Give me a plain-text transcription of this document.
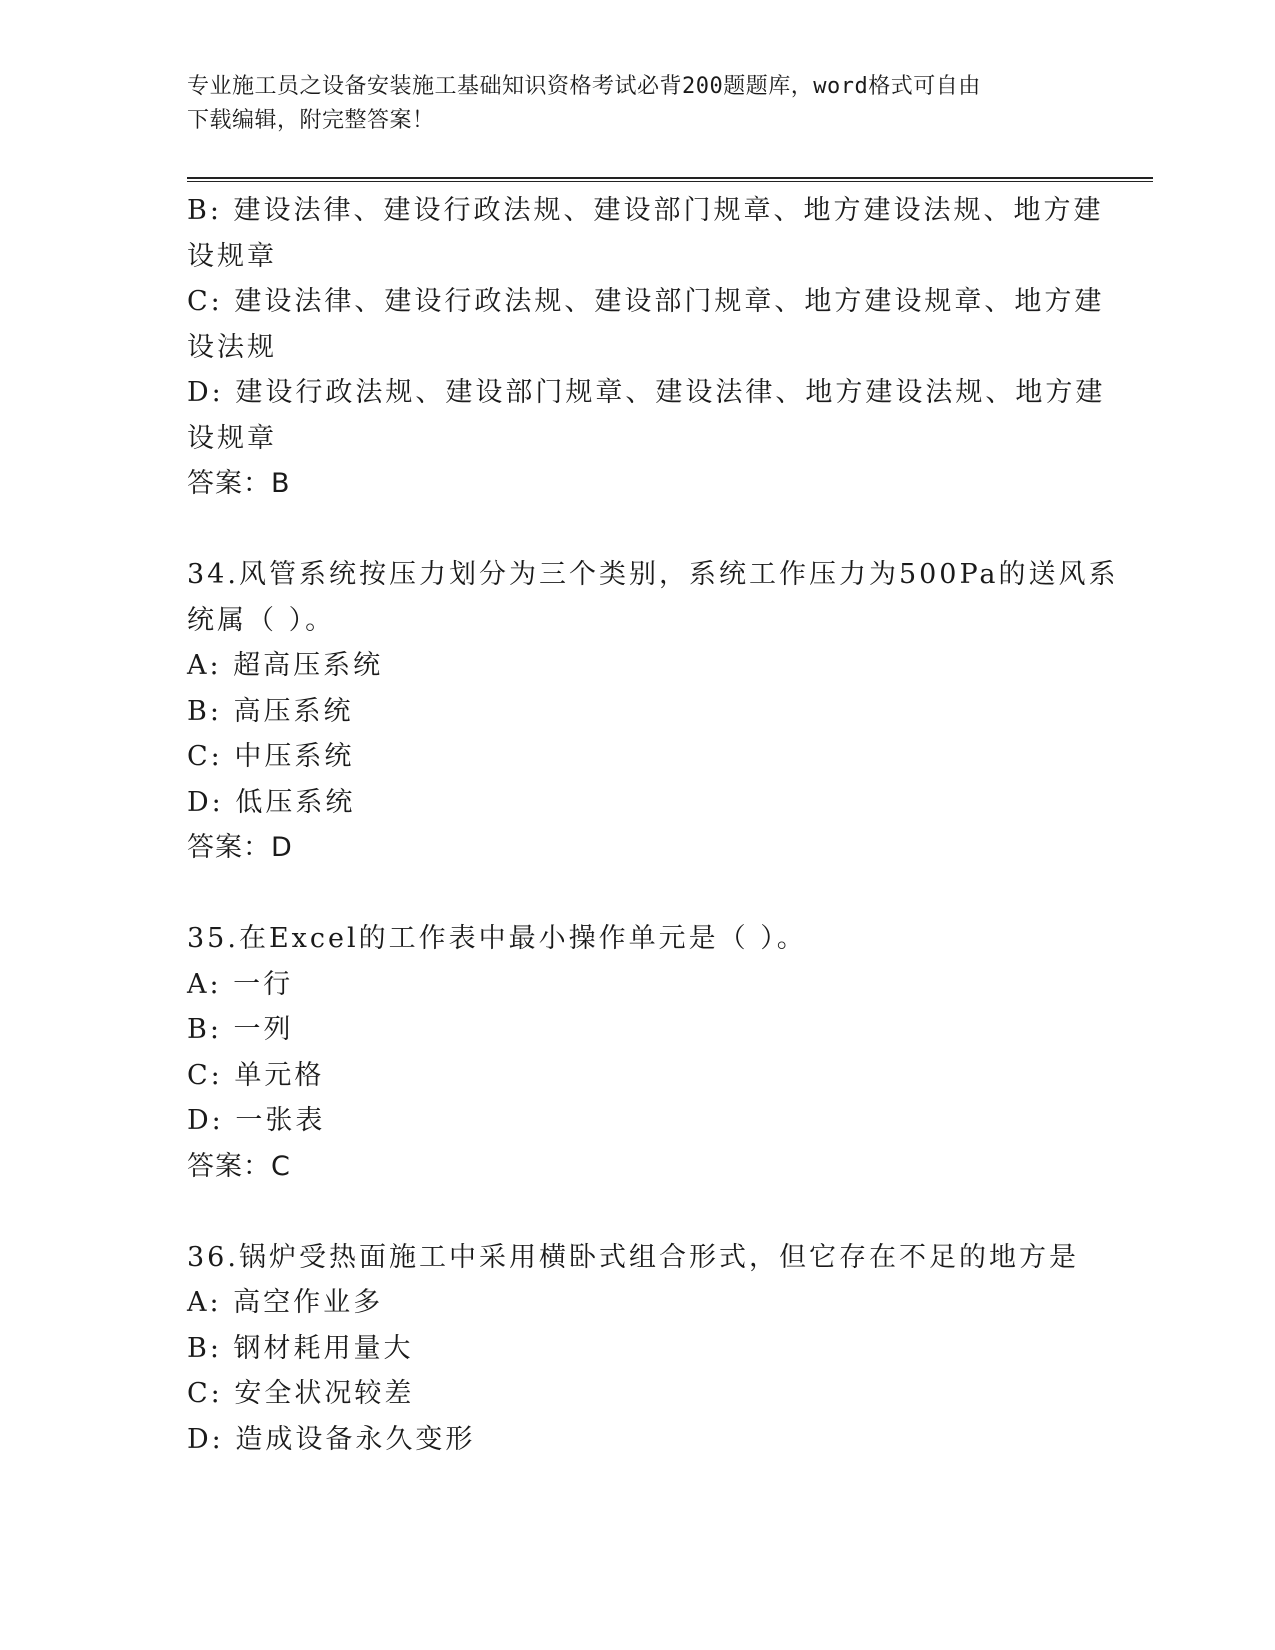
专业施工员之设备安装施工基础知识资格考试必背200题题库，word格式可自由
下载编辑，附完整答案！
B: 建设法律、建设行政法规、建设部门规章、地方建设法规、地方建
设规章
C: 建设法律、建设行政法规、建设部门规章、地方建设规章、地方建
设法规
D: 建设行政法规、建设部门规章、建设法律、地方建设法规、地方建
设规章
答案：B
34.风管系统按压力划分为三个类别，系统工作压力为500Pa的送风系
统属（ ）。
A: 超高压系统
B: 高压系统
C: 中压系统
D: 低压系统
答案：D
35.在Excel的工作表中最小操作单元是（ ）。
A: 一行
B: 一列
C: 单元格
D: 一张表
答案：C
36.锅炉受热面施工中采用横卧式组合形式，但它存在不足的地方是
A: 高空作业多
B: 钢材耗用量大
C: 安全状况较差
D: 造成设备永久变形
